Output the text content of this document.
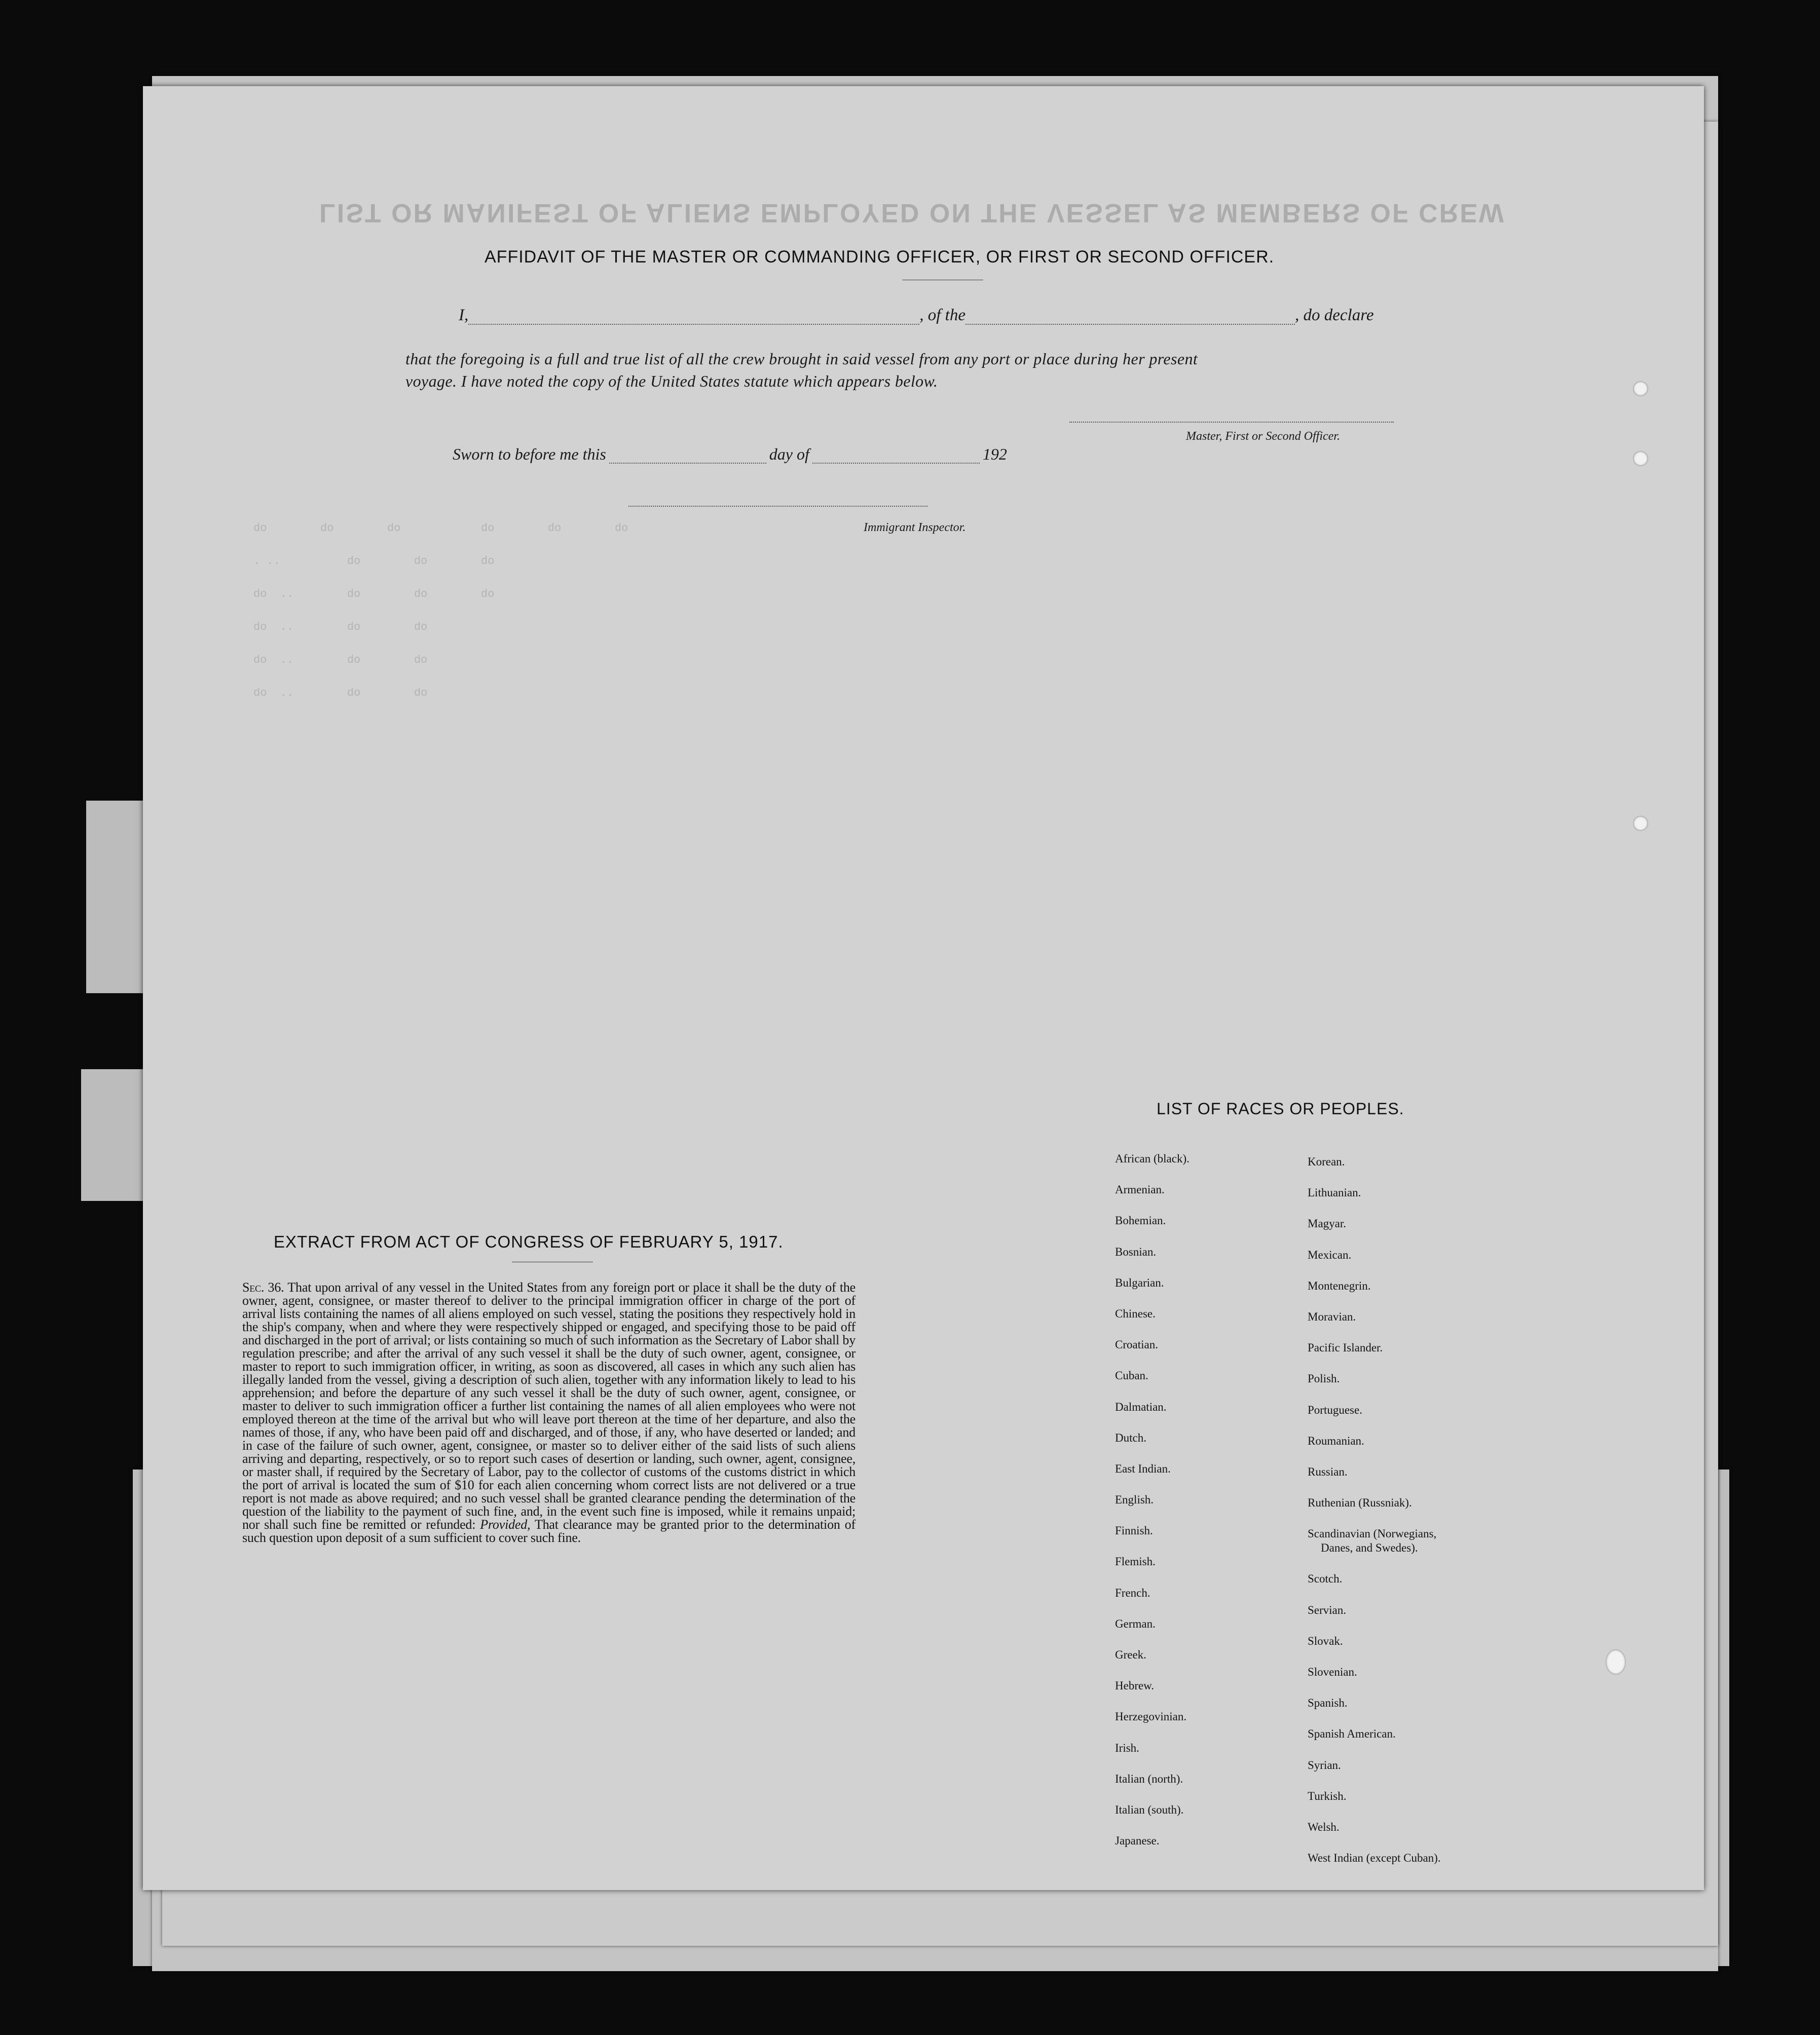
LIST OR MANIFEST OF ALIENS EMPLOYED ON THE VESSEL AS MEMBERS OF CREW
AFFIDAVIT OF THE MASTER OR COMMANDING OFFICER, OR FIRST OR SECOND OFFICER.
I,	, of the	, do declare
that the foregoing is a full and true list of all the crew brought in said vessel from any port or place during her present
voyage. I have noted the copy of the United States statute which appears below.
Master, First or Second Officer.
Sworn to before me this	day of	192
Immigrant Inspector.
do        do        do            do        do        do
. ..          do        do        do
do  ..        do        do        do
do  ..        do        do
do  ..        do        do
do  ..        do        do
EXTRACT FROM ACT OF CONGRESS OF FEBRUARY 5, 1917.
Sec. 36. That upon arrival of any vessel in the United States from any foreign port or place it shall be the duty of the owner, agent, consignee, or master thereof to deliver to the principal immigration officer in charge of the port of arrival lists containing the names of all aliens employed on such vessel, stating the positions they respectively hold in the ship's company, when and where they were respectively shipped or engaged, and specifying those to be paid off and discharged in the port of arrival; or lists containing so much of such information as the Secretary of Labor shall by regulation prescribe; and after the arrival of any such vessel it shall be the duty of such owner, agent, consignee, or master to report to such immigration officer, in writing, as soon as discovered, all cases in which any such alien has illegally landed from the vessel, giving a description of such alien, together with any information likely to lead to his apprehension; and before the departure of any such vessel it shall be the duty of such owner, agent, consignee, or master to deliver to such immigration officer a further list containing the names of all alien employees who were not employed thereon at the time of the arrival but who will leave port thereon at the time of her departure, and also the names of those, if any, who have been paid off and discharged, and of those, if any, who have deserted or landed; and in case of the failure of such owner, agent, consignee, or master so to deliver either of the said lists of such aliens arriving and departing, respectively, or so to report such cases of desertion or landing, such owner, agent, consignee, or master shall, if required by the Secretary of Labor, pay to the collector of customs of the customs district in which the port of arrival is located the sum of $10 for each alien concerning whom correct lists are not delivered or a true report is not made as above required; and no such vessel shall be granted clearance pending the determination of the question of the liability to the payment of such fine, and, in the event such fine is imposed, while it remains unpaid; nor shall such fine be remitted or refunded: Provided, That clearance may be granted prior to the determination of such question upon deposit of a sum sufficient to cover such fine.
LIST OF RACES OR PEOPLES.
African (black).
Armenian.
Bohemian.
Bosnian.
Bulgarian.
Chinese.
Croatian.
Cuban.
Dalmatian.
Dutch.
East Indian.
English.
Finnish.
Flemish.
French.
German.
Greek.
Hebrew.
Herzegovinian.
Irish.
Italian (north).
Italian (south).
Japanese.
Korean.
Lithuanian.
Magyar.
Mexican.
Montenegrin.
Moravian.
Pacific Islander.
Polish.
Portuguese.
Roumanian.
Russian.
Ruthenian (Russniak).
Scandinavian (Norwegians,
Danes, and Swedes).
Scotch.
Servian.
Slovak.
Slovenian.
Spanish.
Spanish American.
Syrian.
Turkish.
Welsh.
West Indian (except Cuban).
